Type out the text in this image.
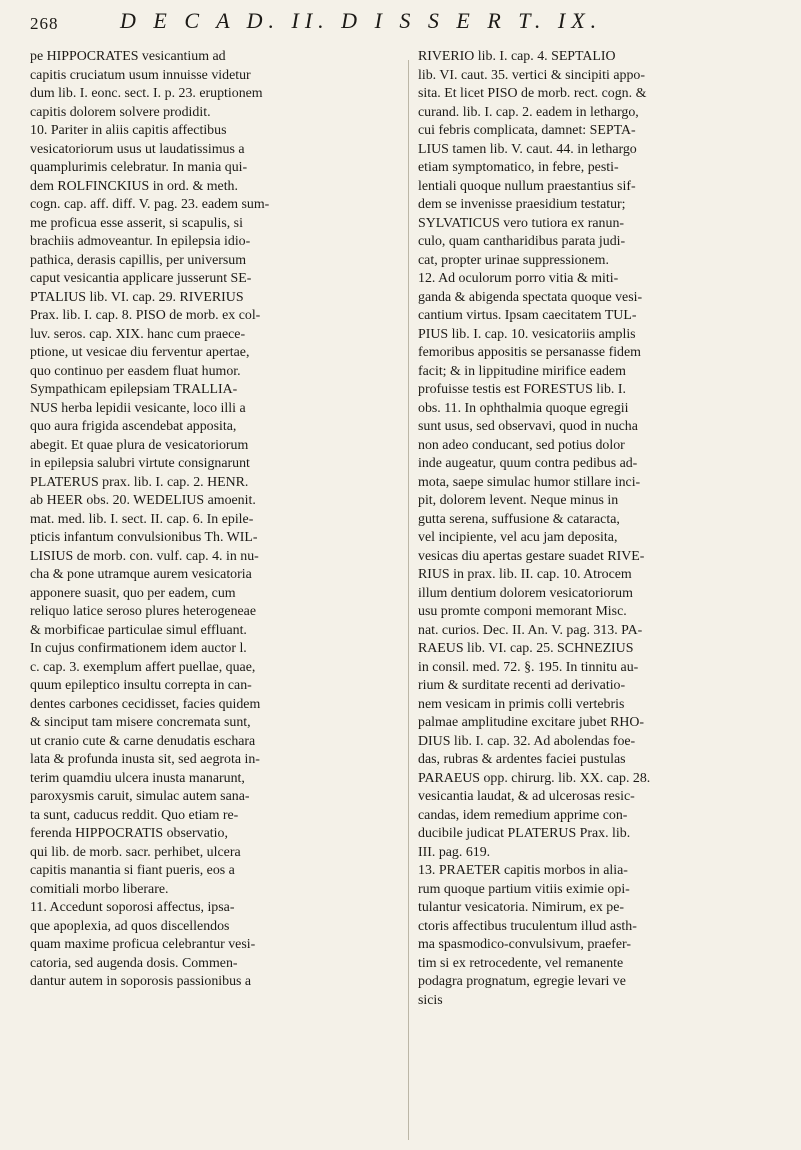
268	D E C A D. II. D I S S E R T. IX.

pe HIPPOCRATES vesicantium ad

capitis cruciatum usum innuisse videtur

dum lib. I. eonc. sect. I. p. 23. eruptionem

capitis dolorem solvere prodidit.

10. Pariter in aliis capitis affectibus

vesicatoriorum usus ut laudatissimus a

quamplurimis celebratur. In mania qui-

dem ROLFINCKIUS in ord. & meth.

cogn. cap. aff. diff. V. pag. 23. eadem sum-

me proficua esse asserit, si scapulis, si

brachiis admoveantur. In epilepsia idio-

pathica, derasis capillis, per universum

caput vesicantia applicare jusserunt SE-

PTALIUS lib. VI. cap. 29. RIVERIUS

Prax. lib. I. cap. 8. PISO de morb. ex col-

luv. seros. cap. XIX. hanc cum praece-

ptione, ut vesicae diu ferventur apertae,

quo continuo per easdem fluat humor.

Sympathicam epilepsiam TRALLIA-

NUS herba lepidii vesicante, loco illi a

quo aura frigida ascendebat apposita,

abegit. Et quae plura de vesicatoriorum

in epilepsia salubri virtute consignarunt

PLATERUS prax. lib. I. cap. 2. HENR.

ab HEER obs. 20. WEDELIUS amoenit.

mat. med. lib. I. sect. II. cap. 6. In epile-

pticis infantum convulsionibus Th. WIL-

LISIUS de morb. con. vulf. cap. 4. in nu-

cha & pone utramque aurem vesicatoria

apponere suasit, quo per eadem, cum

reliquo latice seroso plures heterogeneae

& morbificae particulae simul effluant.

In cujus confirmationem idem auctor l.

c. cap. 3. exemplum affert puellae, quae,

quum epileptico insultu correpta in can-

dentes carbones cecidisset, facies quidem

& sinciput tam misere concremata sunt,

ut cranio cute & carne denudatis eschara

lata & profunda inusta sit, sed aegrota in-

terim quamdiu ulcera inusta manarunt,

paroxysmis caruit, simulac autem sana-

ta sunt, caducus reddit. Quo etiam re-

ferenda HIPPOCRATIS observatio,

qui lib. de morb. sacr. perhibet, ulcera

capitis manantia si fiant pueris, eos a

comitiali morbo liberare.

11. Accedunt soporosi affectus, ipsa-

que apoplexia, ad quos discellendos

quam maxime proficua celebrantur vesi-

catoria, sed augenda dosis. Commen-

dantur autem in soporosis passionibus a

RIVERIO lib. I. cap. 4. SEPTALIO

lib. VI. caut. 35. vertici & sincipiti appo-

sita. Et licet PISO de morb. rect. cogn. &

curand. lib. I. cap. 2. eadem in lethargo,

cui febris complicata, damnet: SEPTA-

LIUS tamen lib. V. caut. 44. in lethargo

etiam symptomatico, in febre, pesti-

lentiali quoque nullum praestantius sif-

dem se invenisse praesidium testatur;

SYLVATICUS vero tutiora ex ranun-

culo, quam cantharidibus parata judi-

cat, propter urinae suppressionem.

12. Ad oculorum porro vitia & miti-

ganda & abigenda spectata quoque vesi-

cantium virtus. Ipsam caecitatem TUL-

PIUS lib. I. cap. 10. vesicatoriis amplis

femoribus appositis se persanasse fidem

facit; & in lippitudine mirifice eadem

profuisse testis est FORESTUS lib. I.

obs. 11. In ophthalmia quoque egregii

sunt usus, sed observavi, quod in nucha

non adeo conducant, sed potius dolor

inde augeatur, quum contra pedibus ad-

mota, saepe simulac humor stillare inci-

pit, dolorem levent. Neque minus in

gutta serena, suffusione & cataracta,

vel incipiente, vel acu jam deposita,

vesicas diu apertas gestare suadet RIVE-

RIUS in prax. lib. II. cap. 10. Atrocem

illum dentium dolorem vesicatoriorum

usu promte componi memorant Misc.

nat. curios. Dec. II. An. V. pag. 313. PA-

RAEUS lib. VI. cap. 25. SCHNEZIUS

in consil. med. 72. §. 195. In tinnitu au-

rium & surditate recenti ad derivatio-

nem vesicam in primis colli vertebris

palmae amplitudine excitare jubet RHO-

DIUS lib. I. cap. 32. Ad abolendas foe-

das, rubras & ardentes faciei pustulas

PARAEUS opp. chirurg. lib. XX. cap. 28.

vesicantia laudat, & ad ulcerosas resic-

candas, idem remedium apprime con-

ducibile judicat PLATERUS Prax. lib.

III. pag. 619.

13. PRAETER capitis morbos in alia-

rum quoque partium vitiis eximie opi-

tulantur vesicatoria. Nimirum, ex pe-

ctoris affectibus truculentum illud asth-

ma spasmodico-convulsivum, praefer-

tim si ex retrocedente, vel remanente

podagra prognatum, egregie levari ve

sicis
